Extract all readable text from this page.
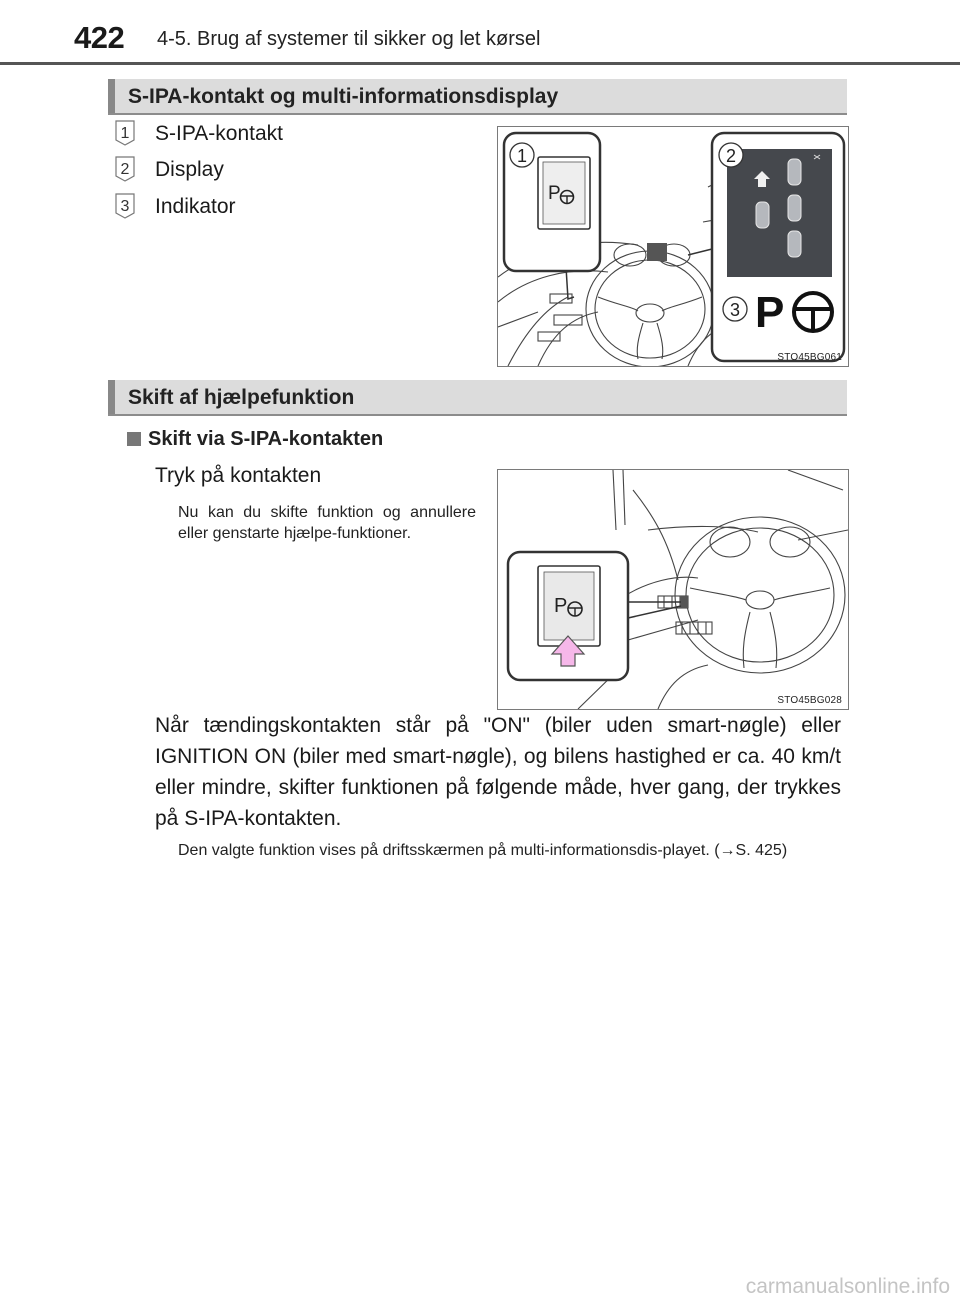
422 4-5. Brug af systemer til sikker og let kørsel
S-IPA-kontakt og multi-informationsdisplay
1 S-IPA-kontakt
2 Display
3 Indikator
P
1	2
3 P
STO45BG061
Skift af hjælpefunktion
Skift via S-IPA-kontakten
Tryk på kontakten
Nu kan du skifte funktion og annullere eller genstarte hjælpe-funktioner.
P
STO45BG028
Når tændingskontakten står på "ON" (biler uden smart-nøgle) eller IGNITION ON (biler med smart-nøgle), og bilens hastighed er ca. 40 km/t eller mindre, skifter funktionen på følgende måde, hver gang, der trykkes på S-IPA-kontakten.
Den valgte funktion vises på driftsskærmen på multi-informationsdis-playet. (→S. 425)
carmanualsonline.info
